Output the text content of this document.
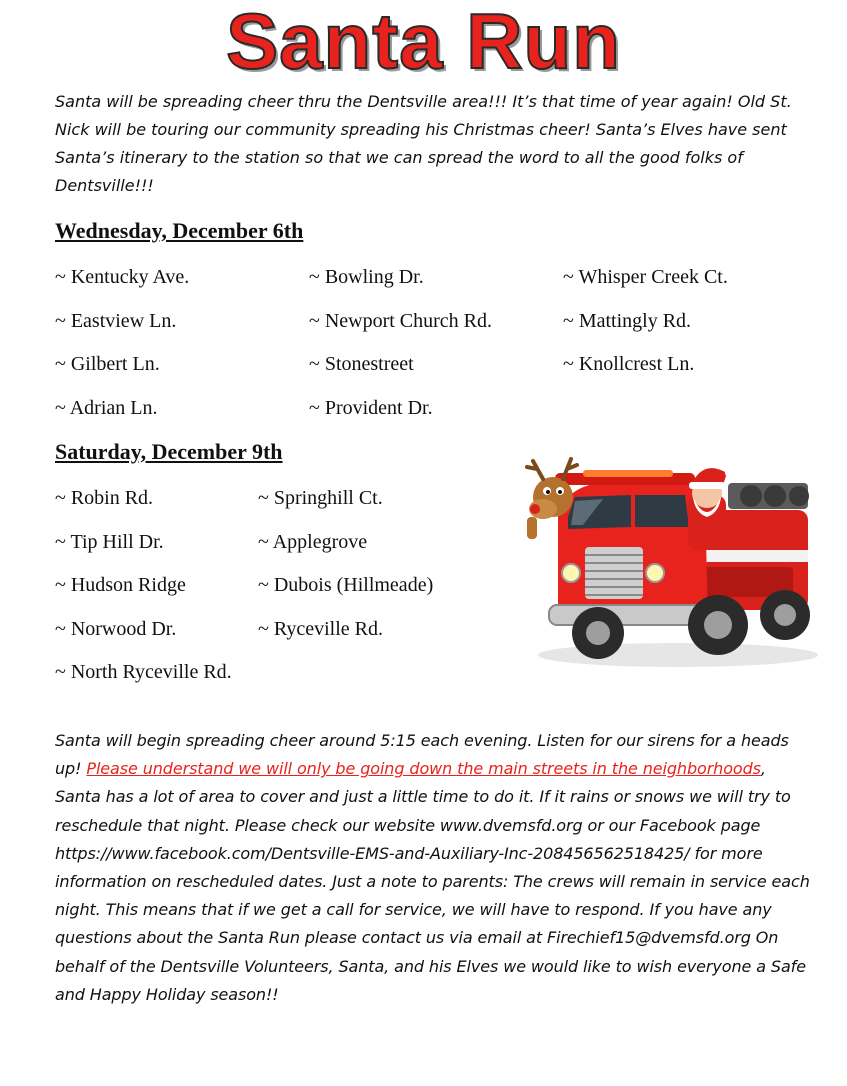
Santa Run
Santa will be spreading cheer thru the Dentsville area!!! It’s that time of year again! Old St. Nick will be touring our community spreading his Christmas cheer! Santa’s Elves have sent Santa’s itinerary to the station so that we can spread the word to all the good folks of Dentsville!!!
Wednesday, December 6th
~ Kentucky Ave.	~ Bowling Dr.	~ Whisper Creek Ct.
~ Eastview Ln.	~ Newport Church Rd.	~ Mattingly Rd.
~ Gilbert Ln.	~ Stonestreet	~ Knollcrest Ln.
~ Adrian Ln.	~ Provident Dr.
Saturday, December 9th
~ Robin Rd.	~ Springhill Ct.
~ Tip Hill Dr.	~ Applegrove
~ Hudson Ridge	~ Dubois (Hillmeade)
~ Norwood Dr.	~ Ryceville Rd.
~ North Ryceville Rd.
Santa will begin spreading cheer around 5:15 each evening. Listen for our sirens for a heads up! Please understand we will only be going down the main streets in the neighborhoods, Santa has a lot of area to cover and just a little time to do it. If it rains or snows we will try to reschedule that night. Please check our website www.dvemsfd.org or our Facebook page https://www.facebook.com/Dentsville-EMS-and-Auxiliary-Inc-208456562518425/ for more information on rescheduled dates. Just a note to parents: The crews will remain in service each night. This means that if we get a call for service, we will have to respond. If you have any questions about the Santa Run please contact us via email at Firechief15@dvemsfd.org On behalf of the Dentsville Volunteers, Santa, and his Elves we would like to wish everyone a Safe and Happy Holiday season!!
